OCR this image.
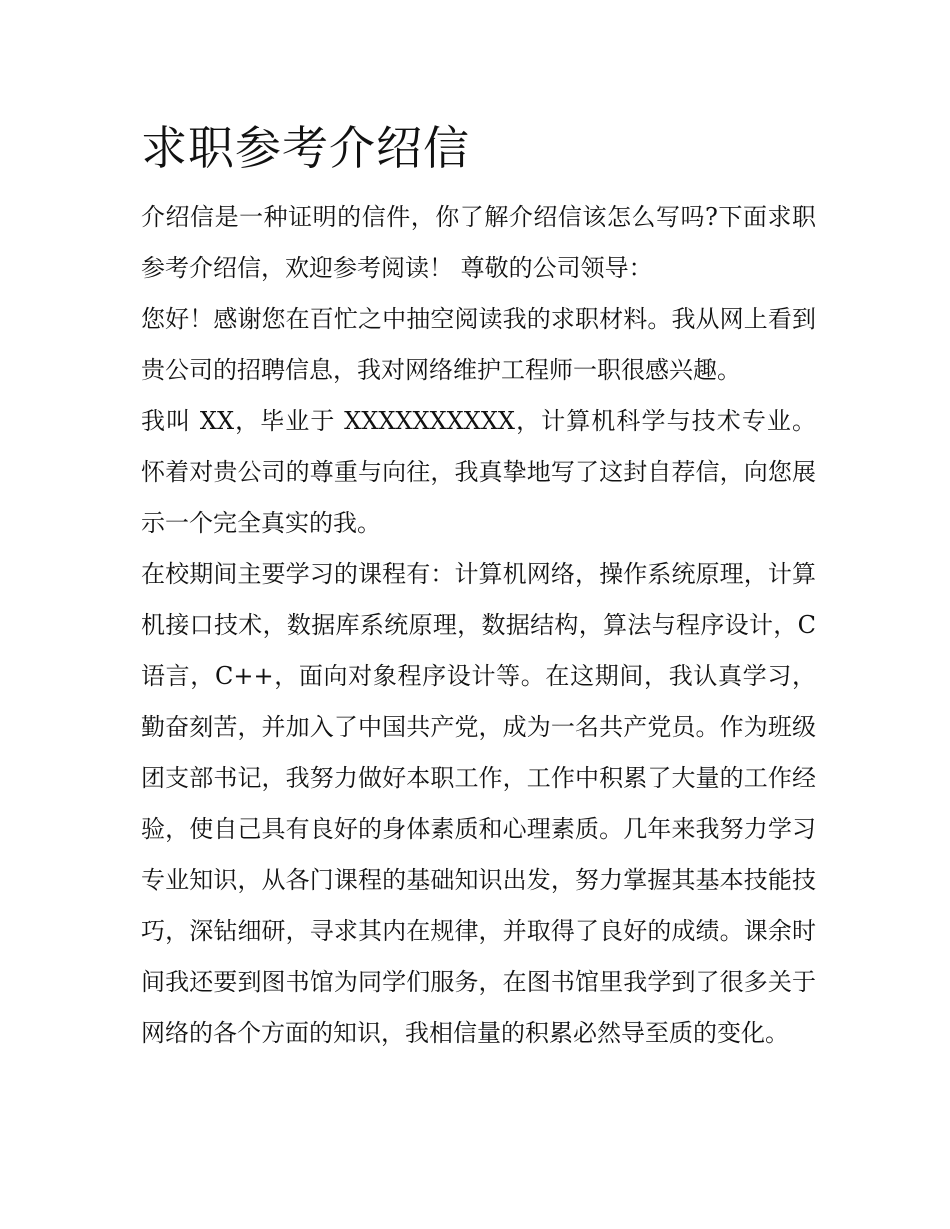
求职参考介绍信

介绍信是一种证明的信件，你了解介绍信该怎么写吗?下面求职参考介绍信，欢迎参考阅读！ 尊敬的公司领导：

您好！感谢您在百忙之中抽空阅读我的求职材料。我从网上看到贵公司的招聘信息，我对网络维护工程师一职很感兴趣。

我叫 XX，毕业于 XXXXXXXXXX，计算机科学与技术专业。怀着对贵公司的尊重与向往，我真挚地写了这封自荐信，向您展示一个完全真实的我。

在校期间主要学习的课程有：计算机网络，操作系统原理，计算机接口技术，数据库系统原理，数据结构，算法与程序设计，C 语言，C++，面向对象程序设计等。在这期间，我认真学习，勤奋刻苦，并加入了中国共产党，成为一名共产党员。作为班级团支部书记，我努力做好本职工作，工作中积累了大量的工作经验，使自己具有良好的身体素质和心理素质。几年来我努力学习专业知识，从各门课程的基础知识出发，努力掌握其基本技能技巧，深钻细研，寻求其内在规律，并取得了良好的成绩。课余时间我还要到图书馆为同学们服务，在图书馆里我学到了很多关于网络的各个方面的知识，我相信量的积累必然导至质的变化。
